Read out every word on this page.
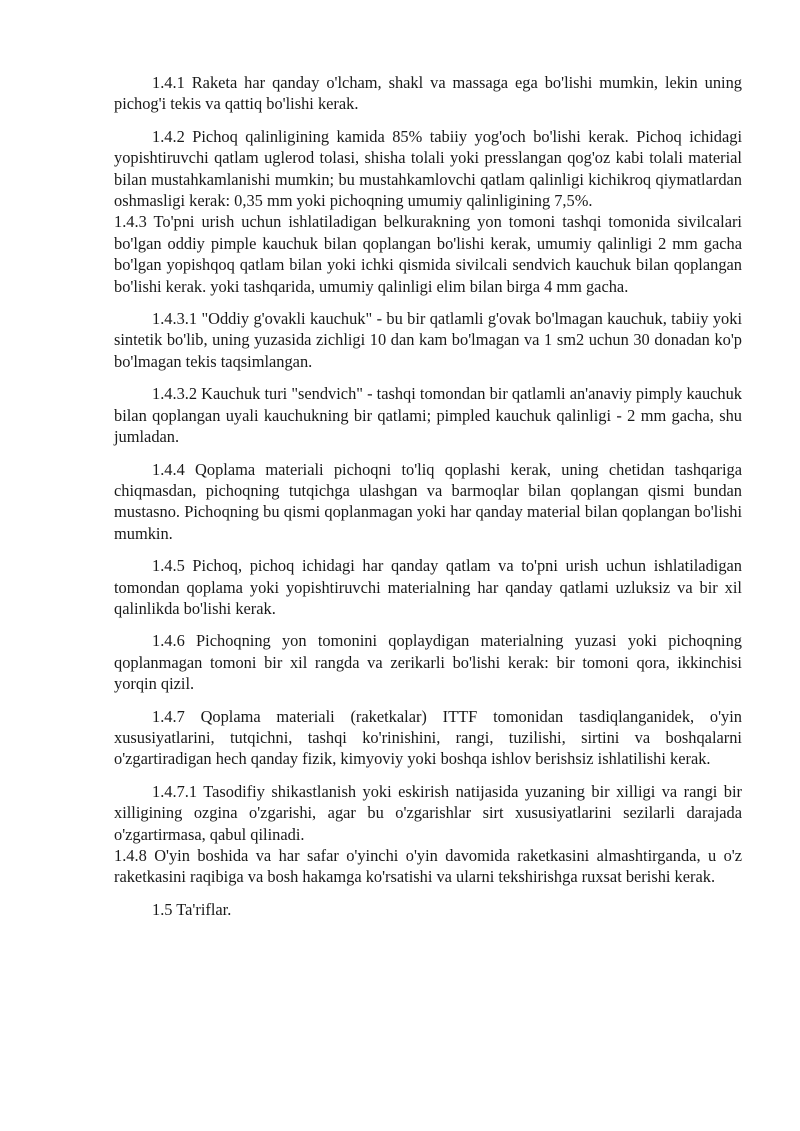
1.4.1 Raketa har qanday o'lcham, shakl va massaga ega bo'lishi mumkin, lekin uning pichog'i tekis va qattiq bo'lishi kerak.

1.4.2 Pichoq qalinligining kamida 85% tabiiy yog'och bo'lishi kerak. Pichoq ichidagi yopishtiruvchi qatlam uglerod tolasi, shisha tolali yoki presslangan qog'oz kabi tolali material bilan mustahkamlanishi mumkin; bu mustahkamlovchi qatlam qalinligi kichikroq qiymatlardan oshmasligi kerak: 0,35 mm yoki pichoqning umumiy qalinligining 7,5%.
1.4.3 To'pni urish uchun ishlatiladigan belkurakning yon tomoni tashqi tomonida sivilcalari bo'lgan oddiy pimple kauchuk bilan qoplangan bo'lishi kerak, umumiy qalinligi 2 mm gacha bo'lgan yopishqoq qatlam bilan yoki ichki qismida sivilcali sendvich kauchuk bilan qoplangan bo'lishi kerak. yoki tashqarida, umumiy qalinligi elim bilan birga 4 mm gacha.

1.4.3.1 "Oddiy g'ovakli kauchuk" - bu bir qatlamli g'ovak bo'lmagan kauchuk, tabiiy yoki sintetik bo'lib, uning yuzasida zichligi 10 dan kam bo'lmagan va 1 sm2 uchun 30 donadan ko'p bo'lmagan tekis taqsimlangan.

1.4.3.2 Kauchuk turi "sendvich" - tashqi tomondan bir qatlamli an'anaviy pimply kauchuk bilan qoplangan uyali kauchukning bir qatlami; pimpled kauchuk qalinligi - 2 mm gacha, shu jumladan.

1.4.4 Qoplama materiali pichoqni to'liq qoplashi kerak, uning chetidan tashqariga chiqmasdan, pichoqning tutqichga ulashgan va barmoqlar bilan qoplangan qismi bundan mustasno. Pichoqning bu qismi qoplanmagan yoki har qanday material bilan qoplangan bo'lishi mumkin.

1.4.5 Pichoq, pichoq ichidagi har qanday qatlam va to'pni urish uchun ishlatiladigan tomondan qoplama yoki yopishtiruvchi materialning har qanday qatlami uzluksiz va bir xil qalinlikda bo'lishi kerak.

1.4.6 Pichoqning yon tomonini qoplaydigan materialning yuzasi yoki pichoqning qoplanmagan tomoni bir xil rangda va zerikarli bo'lishi kerak: bir tomoni qora, ikkinchisi yorqin qizil.

1.4.7 Qoplama materiali (raketkalar) ITTF tomonidan tasdiqlanganidek, o'yin xususiyatlarini, tutqichni, tashqi ko'rinishini, rangi, tuzilishi, sirtini va boshqalarni o'zgartiradigan hech qanday fizik, kimyoviy yoki boshqa ishlov berishsiz ishlatilishi kerak.

1.4.7.1 Tasodifiy shikastlanish yoki eskirish natijasida yuzaning bir xilligi va rangi bir xilligining ozgina o'zgarishi, agar bu o'zgarishlar sirt xususiyatlarini sezilarli darajada o'zgartirmasa, qabul qilinadi.
1.4.8 O'yin boshida va har safar o'yinchi o'yin davomida raketkasini almashtirganda, u o'z raketkasini raqibiga va bosh hakamga ko'rsatishi va ularni tekshirishga ruxsat berishi kerak.

1.5 Ta'riflar.
